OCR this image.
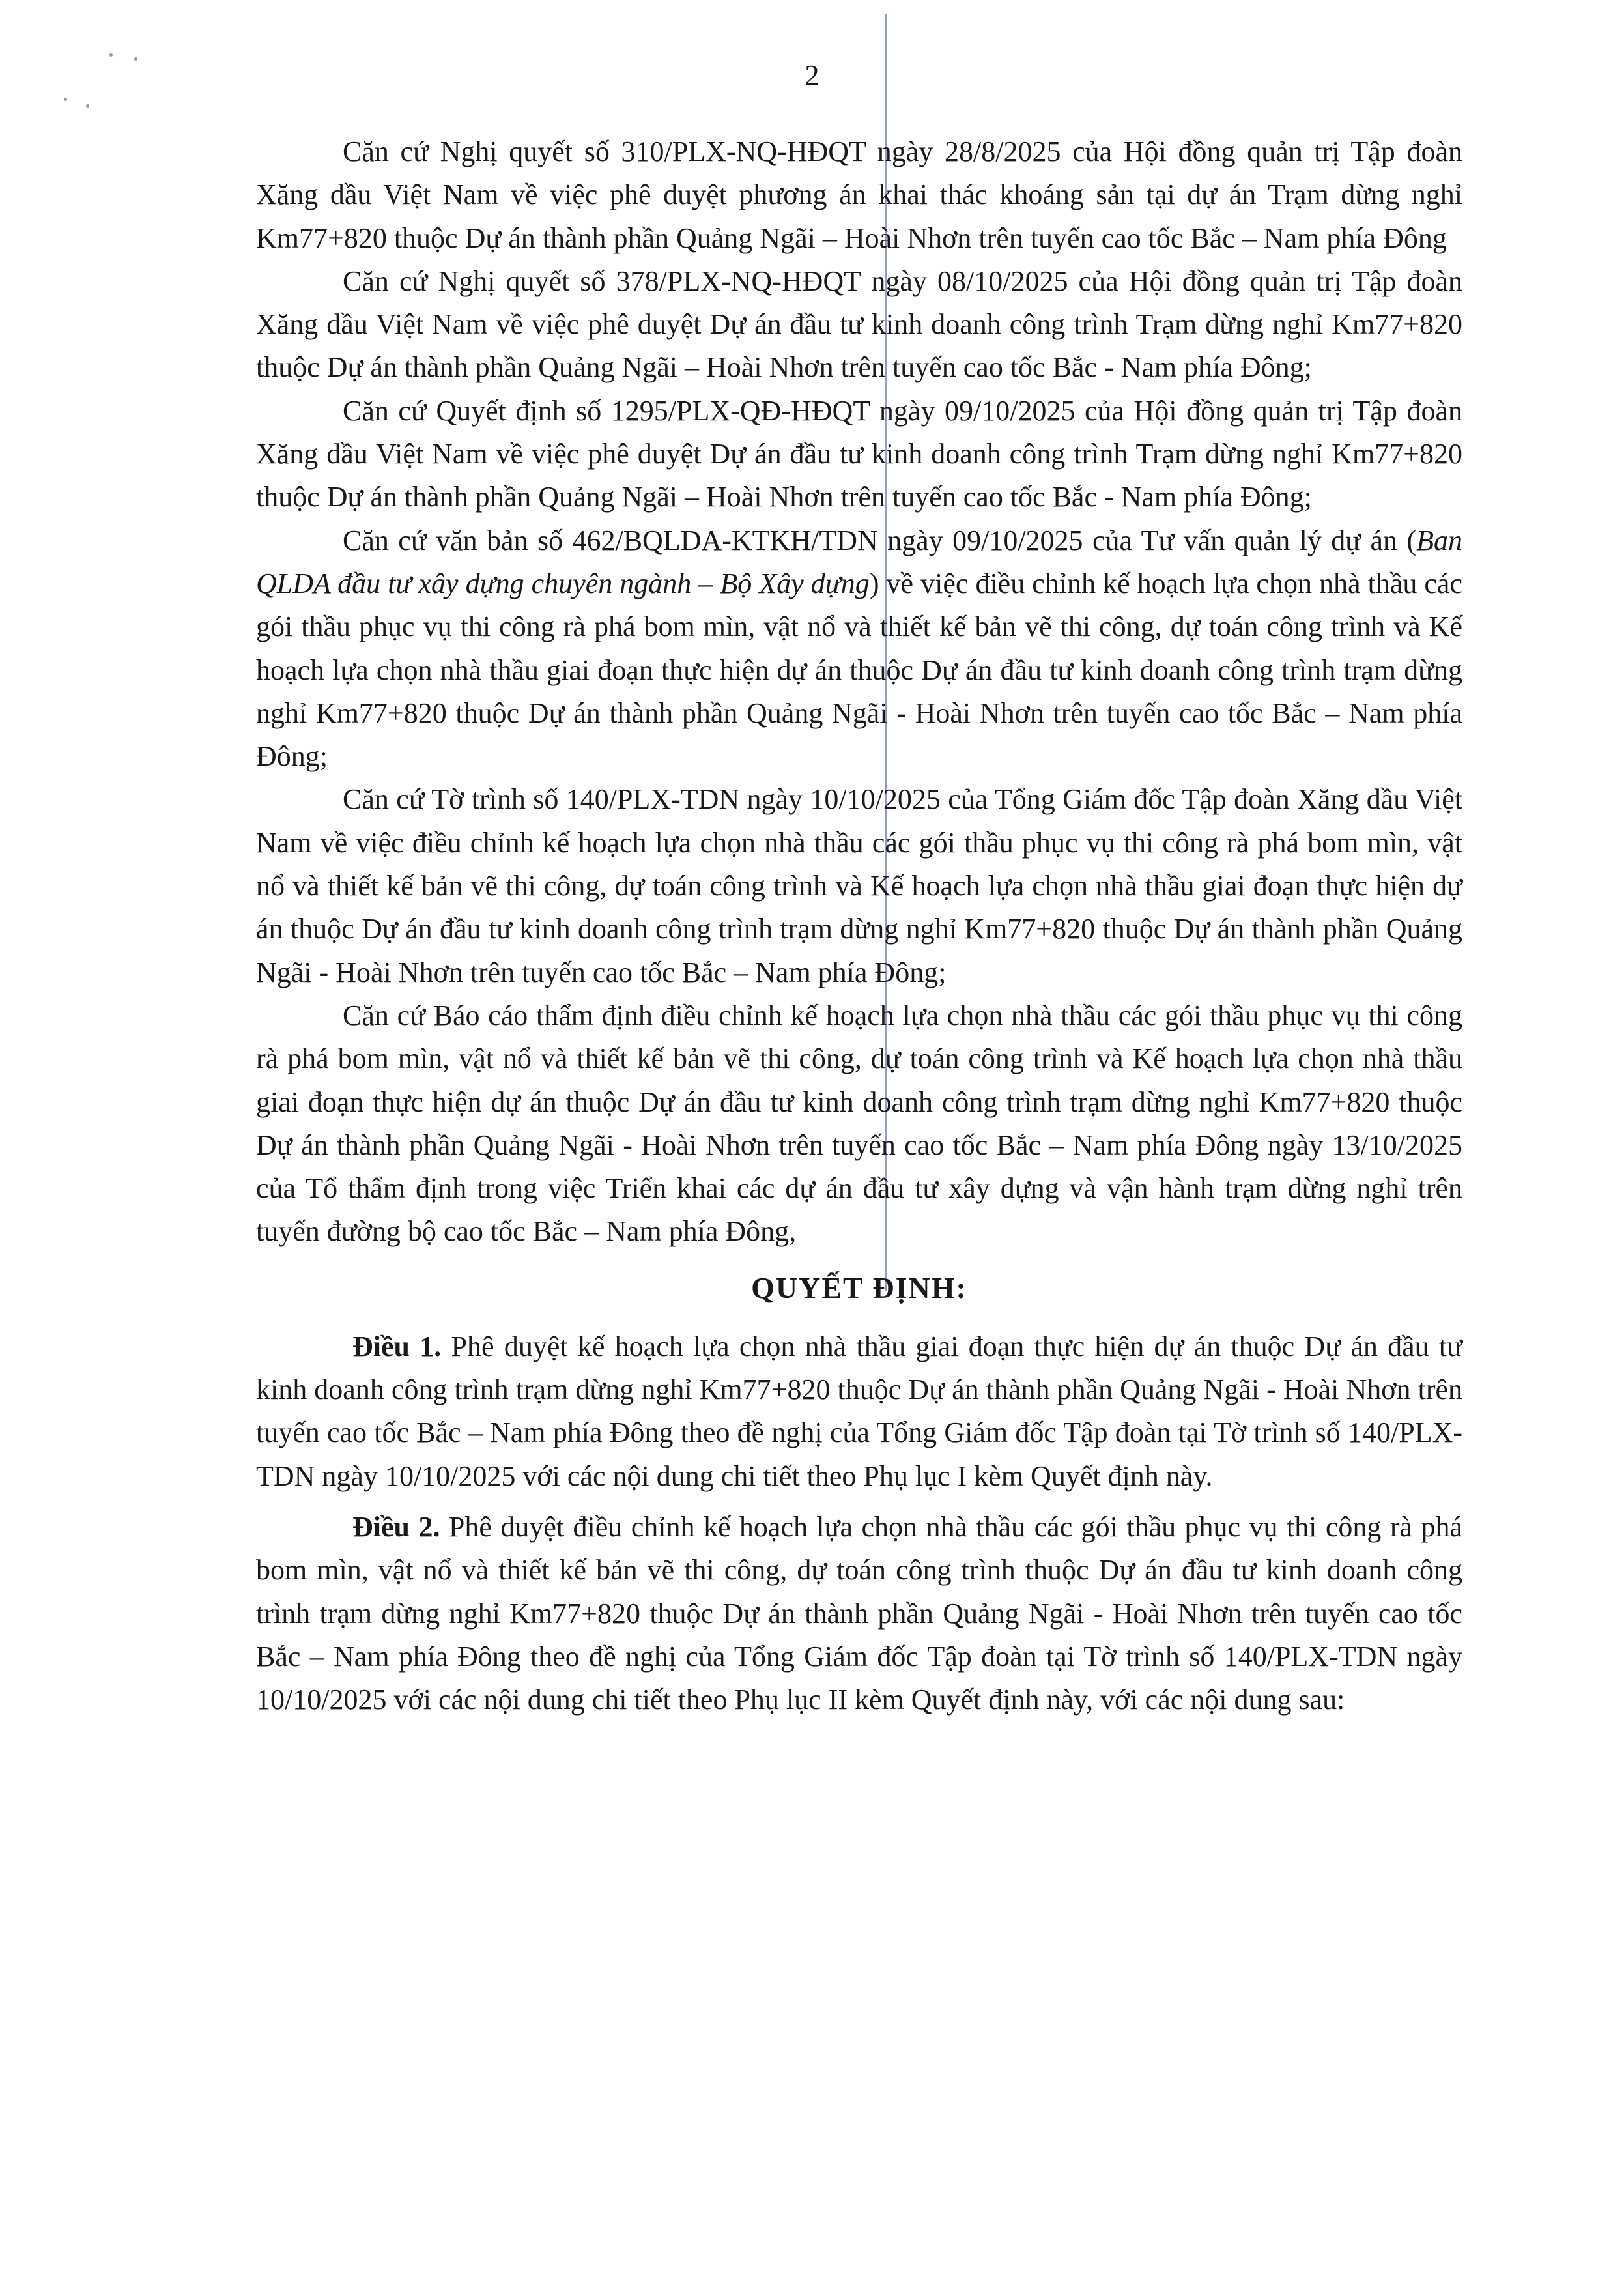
2

Căn cứ Nghị quyết số 310/PLX-NQ-HĐQT ngày 28/8/2025 của Hội đồng quản trị Tập đoàn Xăng dầu Việt Nam về việc phê duyệt phương án khai thác khoáng sản tại dự án Trạm dừng nghỉ Km77+820 thuộc Dự án thành phần Quảng Ngãi – Hoài Nhơn trên tuyến cao tốc Bắc – Nam phía Đông

Căn cứ Nghị quyết số 378/PLX-NQ-HĐQT ngày 08/10/2025 của Hội đồng quản trị Tập đoàn Xăng dầu Việt Nam về việc phê duyệt Dự án đầu tư kinh doanh công trình Trạm dừng nghỉ Km77+820 thuộc Dự án thành phần Quảng Ngãi – Hoài Nhơn trên tuyến cao tốc Bắc - Nam phía Đông;

Căn cứ Quyết định số 1295/PLX-QĐ-HĐQT ngày 09/10/2025 của Hội đồng quản trị Tập đoàn Xăng dầu Việt Nam về việc phê duyệt Dự án đầu tư kinh doanh công trình Trạm dừng nghỉ Km77+820 thuộc Dự án thành phần Quảng Ngãi – Hoài Nhơn trên tuyến cao tốc Bắc - Nam phía Đông;

Căn cứ văn bản số 462/BQLDA-KTKH/TDN ngày 09/10/2025 của Tư vấn quản lý dự án (Ban QLDA đầu tư xây dựng chuyên ngành – Bộ Xây dựng) về việc điều chỉnh kế hoạch lựa chọn nhà thầu các gói thầu phục vụ thi công rà phá bom mìn, vật nổ và thiết kế bản vẽ thi công, dự toán công trình và Kế hoạch lựa chọn nhà thầu giai đoạn thực hiện dự án thuộc Dự án đầu tư kinh doanh công trình trạm dừng nghỉ Km77+820 thuộc Dự án thành phần Quảng Ngãi - Hoài Nhơn trên tuyến cao tốc Bắc – Nam phía Đông;

Căn cứ Tờ trình số 140/PLX-TDN ngày 10/10/2025 của Tổng Giám đốc Tập đoàn Xăng dầu Việt Nam về việc điều chỉnh kế hoạch lựa chọn nhà thầu các gói thầu phục vụ thi công rà phá bom mìn, vật nổ và thiết kế bản vẽ thi công, dự toán công trình và Kế hoạch lựa chọn nhà thầu giai đoạn thực hiện dự án thuộc Dự án đầu tư kinh doanh công trình trạm dừng nghỉ Km77+820 thuộc Dự án thành phần Quảng Ngãi - Hoài Nhơn trên tuyến cao tốc Bắc – Nam phía Đông;

Căn cứ Báo cáo thẩm định điều chỉnh kế hoạch lựa chọn nhà thầu các gói thầu phục vụ thi công rà phá bom mìn, vật nổ và thiết kế bản vẽ thi công, dự toán công trình và Kế hoạch lựa chọn nhà thầu giai đoạn thực hiện dự án thuộc Dự án đầu tư kinh doanh công trình trạm dừng nghỉ Km77+820 thuộc Dự án thành phần Quảng Ngãi - Hoài Nhơn trên tuyến cao tốc Bắc – Nam phía Đông ngày 13/10/2025 của Tổ thẩm định trong việc Triển khai các dự án đầu tư xây dựng và vận hành trạm dừng nghỉ trên tuyến đường bộ cao tốc Bắc – Nam phía Đông,

QUYẾT ĐỊNH:

Điều 1. Phê duyệt kế hoạch lựa chọn nhà thầu giai đoạn thực hiện dự án thuộc Dự án đầu tư kinh doanh công trình trạm dừng nghỉ Km77+820 thuộc Dự án thành phần Quảng Ngãi - Hoài Nhơn trên tuyến cao tốc Bắc – Nam phía Đông theo đề nghị của Tổng Giám đốc Tập đoàn tại Tờ trình số 140/PLX-TDN ngày 10/10/2025 với các nội dung chi tiết theo Phụ lục I kèm Quyết định này.

Điều 2. Phê duyệt điều chỉnh kế hoạch lựa chọn nhà thầu các gói thầu phục vụ thi công rà phá bom mìn, vật nổ và thiết kế bản vẽ thi công, dự toán công trình thuộc Dự án đầu tư kinh doanh công trình trạm dừng nghỉ Km77+820 thuộc Dự án thành phần Quảng Ngãi - Hoài Nhơn trên tuyến cao tốc Bắc – Nam phía Đông theo đề nghị của Tổng Giám đốc Tập đoàn tại Tờ trình số 140/PLX-TDN ngày 10/10/2025 với các nội dung chi tiết theo Phụ lục II kèm Quyết định này, với các nội dung sau:
